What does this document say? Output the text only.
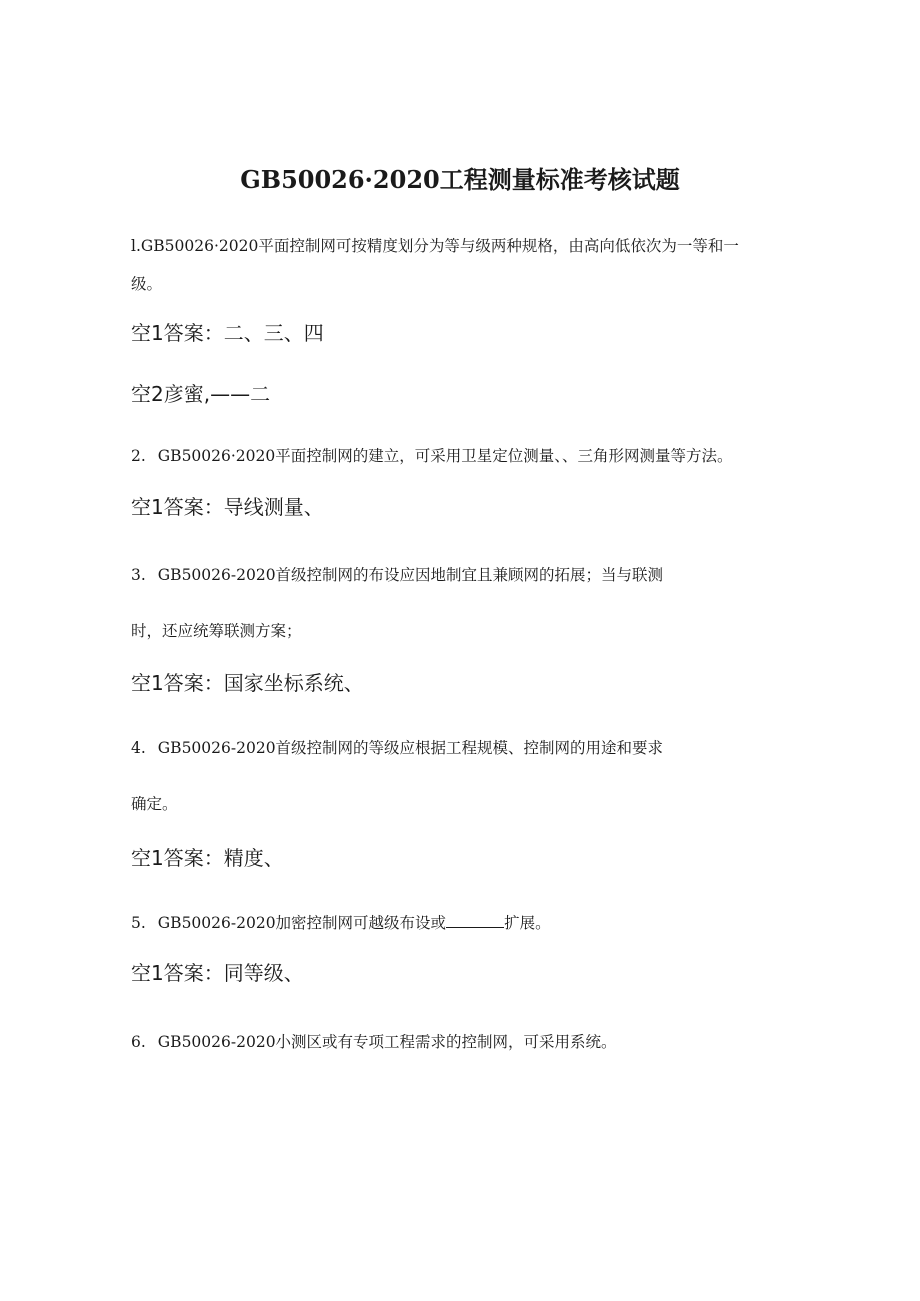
GB50026·2020工程测量标准考核试题
l.GB50026·2020平面控制网可按精度划分为等与级两种规格，由高向低依次为一等和一
级。
空1答案：二、三、四
空2彦蜜,——二
2. GB50026·2020平面控制网的建立，可采用卫星定位测量、、三角形网测量等方法。
空1答案：导线测量、
3. GB50026-2020首级控制网的布设应因地制宜且兼顾网的拓展；当与联测
时，还应统筹联测方案；
空1答案：国家坐标系统、
4. GB50026-2020首级控制网的等级应根据工程规模、控制网的用途和要求
确定。
空1答案：精度、
5. GB50026-2020加密控制网可越级布设或	扩展。
空1答案：同等级、
6. GB50026-2020小测区或有专项工程需求的控制网，可采用系统。
